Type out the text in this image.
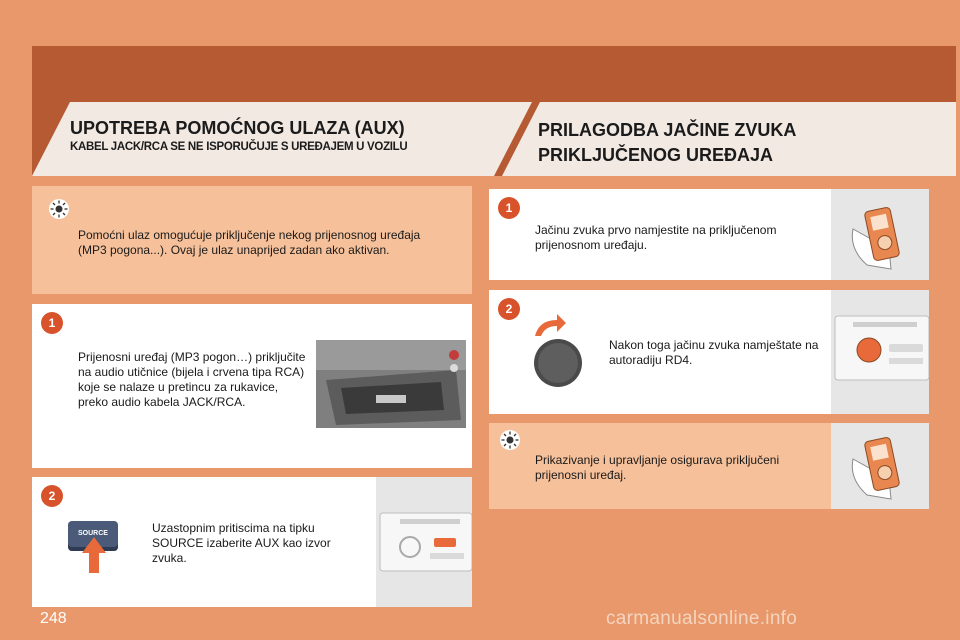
UPOTREBA POMOĆNOG ULAZA (AUX)
KABEL JACK/RCA SE NE ISPORUČUJE S UREĐAJEM U VOZILU
PRILAGODBA JAČINE ZVUKA
PRIKLJUČENOG UREĐAJA
Pomoćni ulaz omogućuje priključenje nekog prijenosnog uređaja (MP3 pogona...). Ovaj je ulaz unaprijed zadan ako aktivan.
1
Prijenosni uređaj (MP3 pogon…) priključite na audio utičnice (bijela i crvena tipa RCA) koje se nalaze u pretincu za rukavice, preko audio kabela JACK/RCA.
2
SOURCE	Uzastopnim pritiscima na tipku SOURCE izaberite AUX kao izvor zvuka.
1
Jačinu zvuka prvo namjestite na priključenom prijenosnom uređaju.
2
Nakon toga jačinu zvuka namještate na autoradiju RD4.
Prikazivanje i upravljanje osigurava priključeni prijenosni uređaj.
248	carmanualsonline.info
